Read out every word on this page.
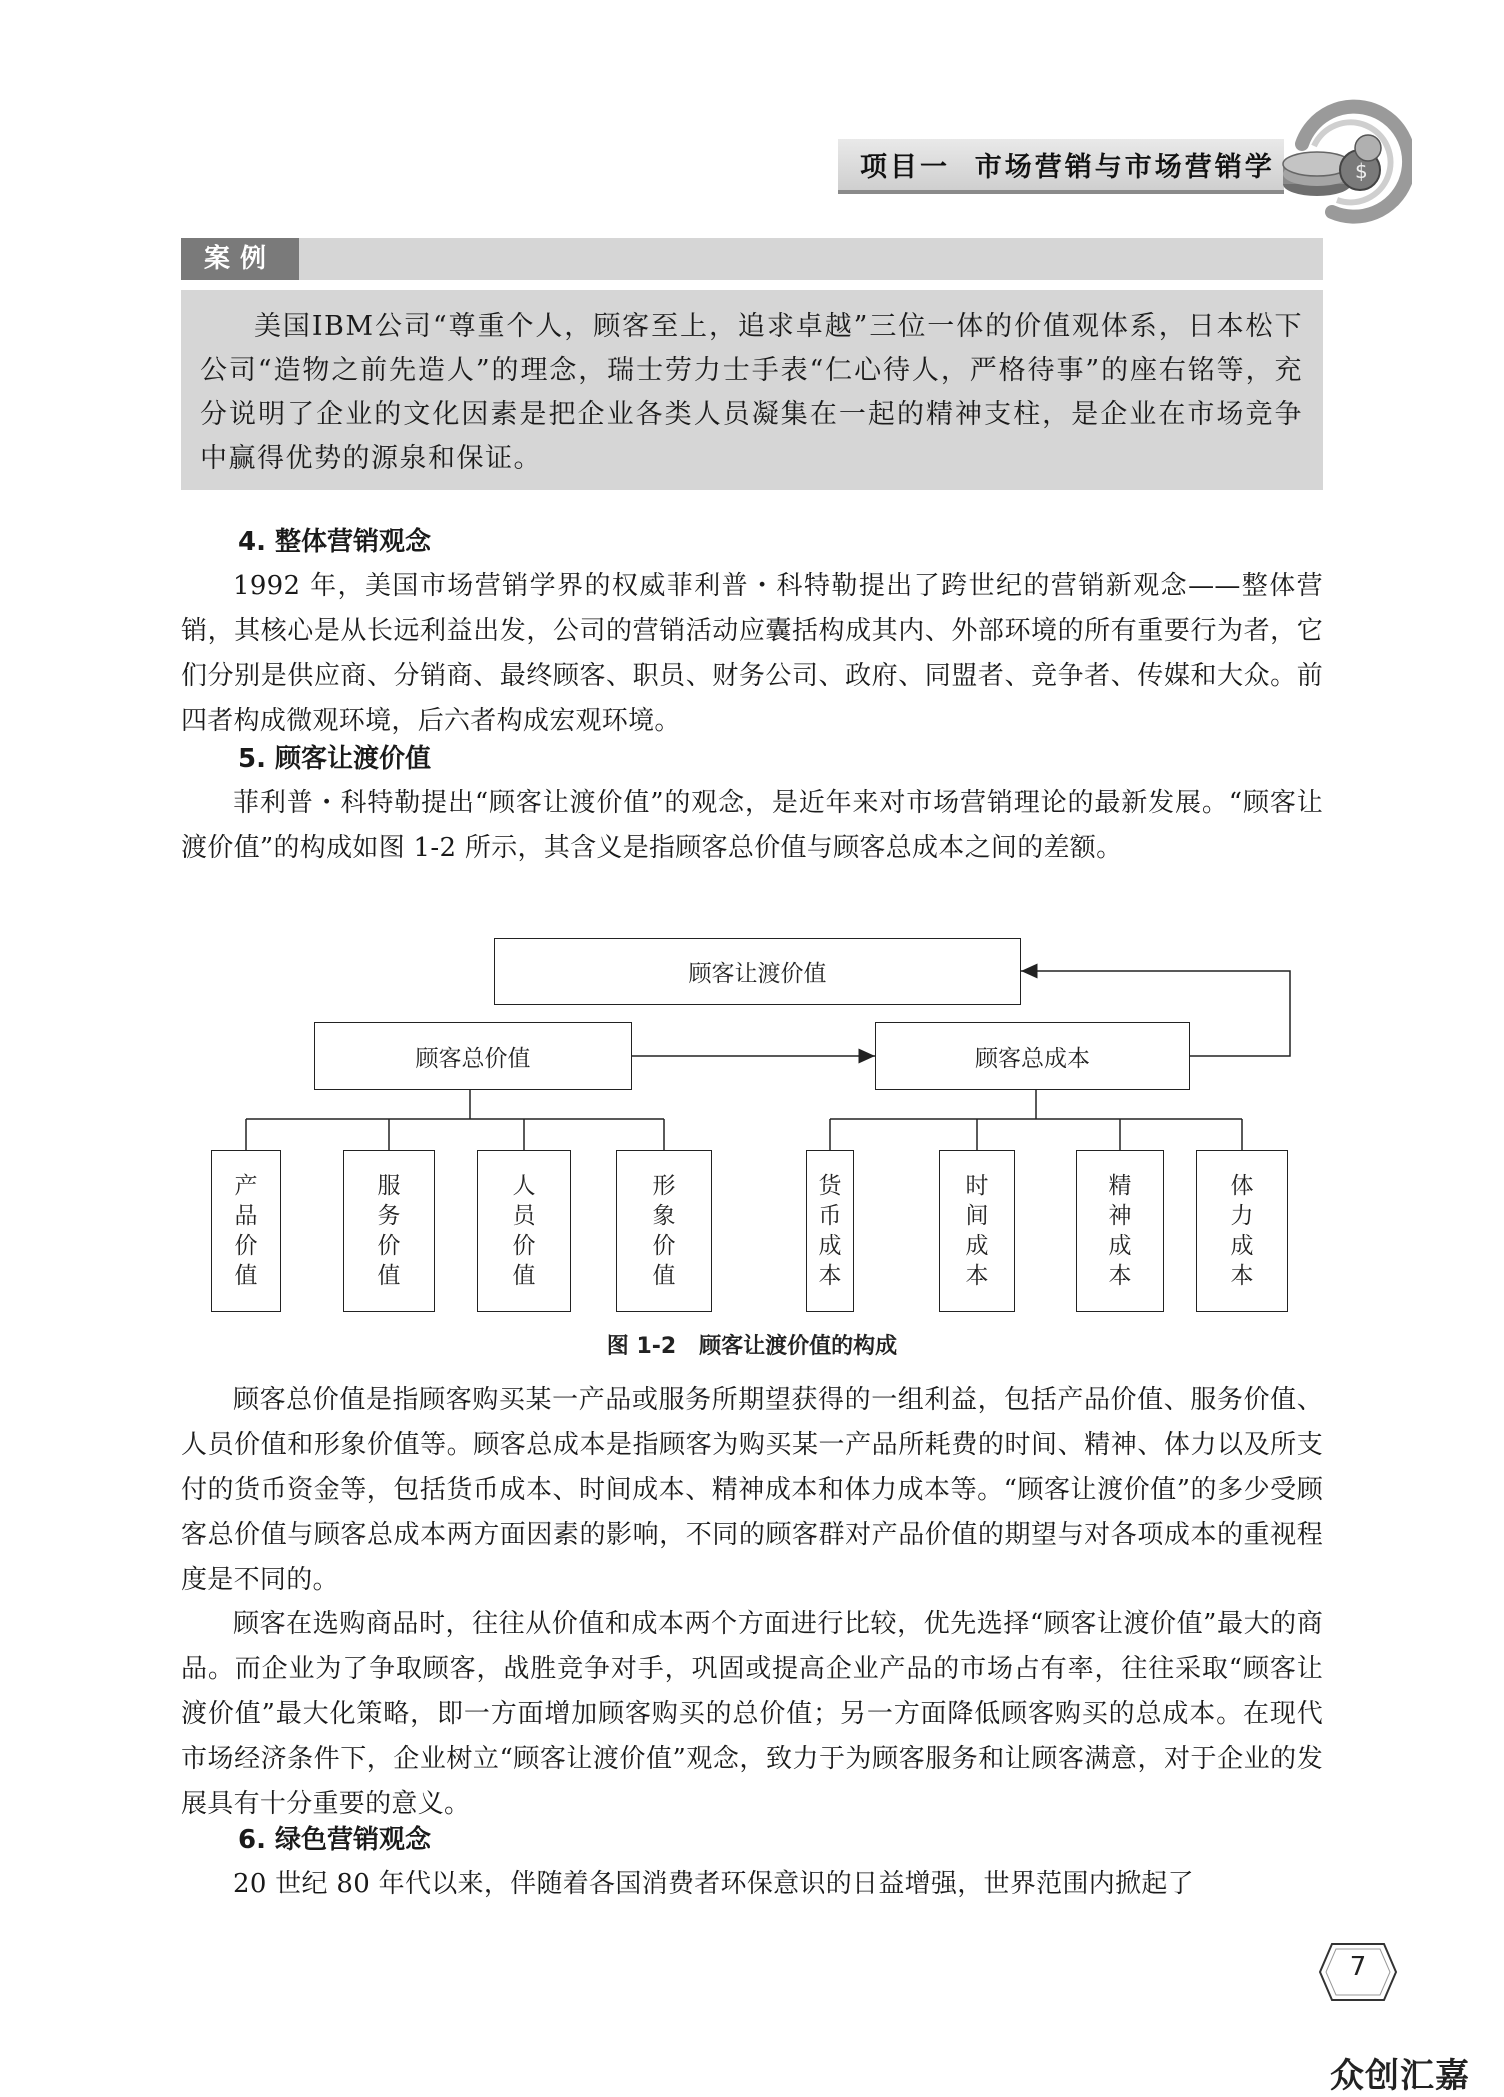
项目一  市场营销与市场营销学	$
案例
美国IBM公司“尊重个人，顾客至上，追求卓越”三位一体的价值观体系，日本松下公司“造物之前先造人”的理念，瑞士劳力士手表“仁心待人，严格待事”的座右铭等，充分说明了企业的文化因素是把企业各类人员凝集在一起的精神支柱，是企业在市场竞争中赢得优势的源泉和保证。
4. 整体营销观念
1992 年，美国市场营销学界的权威菲利普・科特勒提出了跨世纪的营销新观念——整体营销，其核心是从长远利益出发，公司的营销活动应囊括构成其内、外部环境的所有重要行为者，它们分别是供应商、分销商、最终顾客、职员、财务公司、政府、同盟者、竞争者、传媒和大众。前四者构成微观环境，后六者构成宏观环境。
5. 顾客让渡价值
菲利普・科特勒提出“顾客让渡价值”的观念，是近年来对市场营销理论的最新发展。“顾客让渡价值”的构成如图 1-2 所示，其含义是指顾客总价值与顾客总成本之间的差额。
顾客让渡价值
顾客总价值	顾客总成本
产品价值
服务价值
人员价值
形象价值
货币成本
时间成本
精神成本
体力成本
图 1-2   顾客让渡价值的构成
顾客总价值是指顾客购买某一产品或服务所期望获得的一组利益，包括产品价值、服务价值、人员价值和形象价值等。顾客总成本是指顾客为购买某一产品所耗费的时间、精神、体力以及所支付的货币资金等，包括货币成本、时间成本、精神成本和体力成本等。“顾客让渡价值”的多少受顾客总价值与顾客总成本两方面因素的影响，不同的顾客群对产品价值的期望与对各项成本的重视程度是不同的。
顾客在选购商品时，往往从价值和成本两个方面进行比较，优先选择“顾客让渡价值”最大的商品。而企业为了争取顾客，战胜竞争对手，巩固或提高企业产品的市场占有率，往往采取“顾客让渡价值”最大化策略，即一方面增加顾客购买的总价值；另一方面降低顾客购买的总成本。在现代市场经济条件下，企业树立“顾客让渡价值”观念，致力于为顾客服务和让顾客满意，对于企业的发展具有十分重要的意义。
6. 绿色营销观念
20 世纪 80 年代以来，伴随着各国消费者环保意识的日益增强，世界范围内掀起了
7
众创汇嘉
